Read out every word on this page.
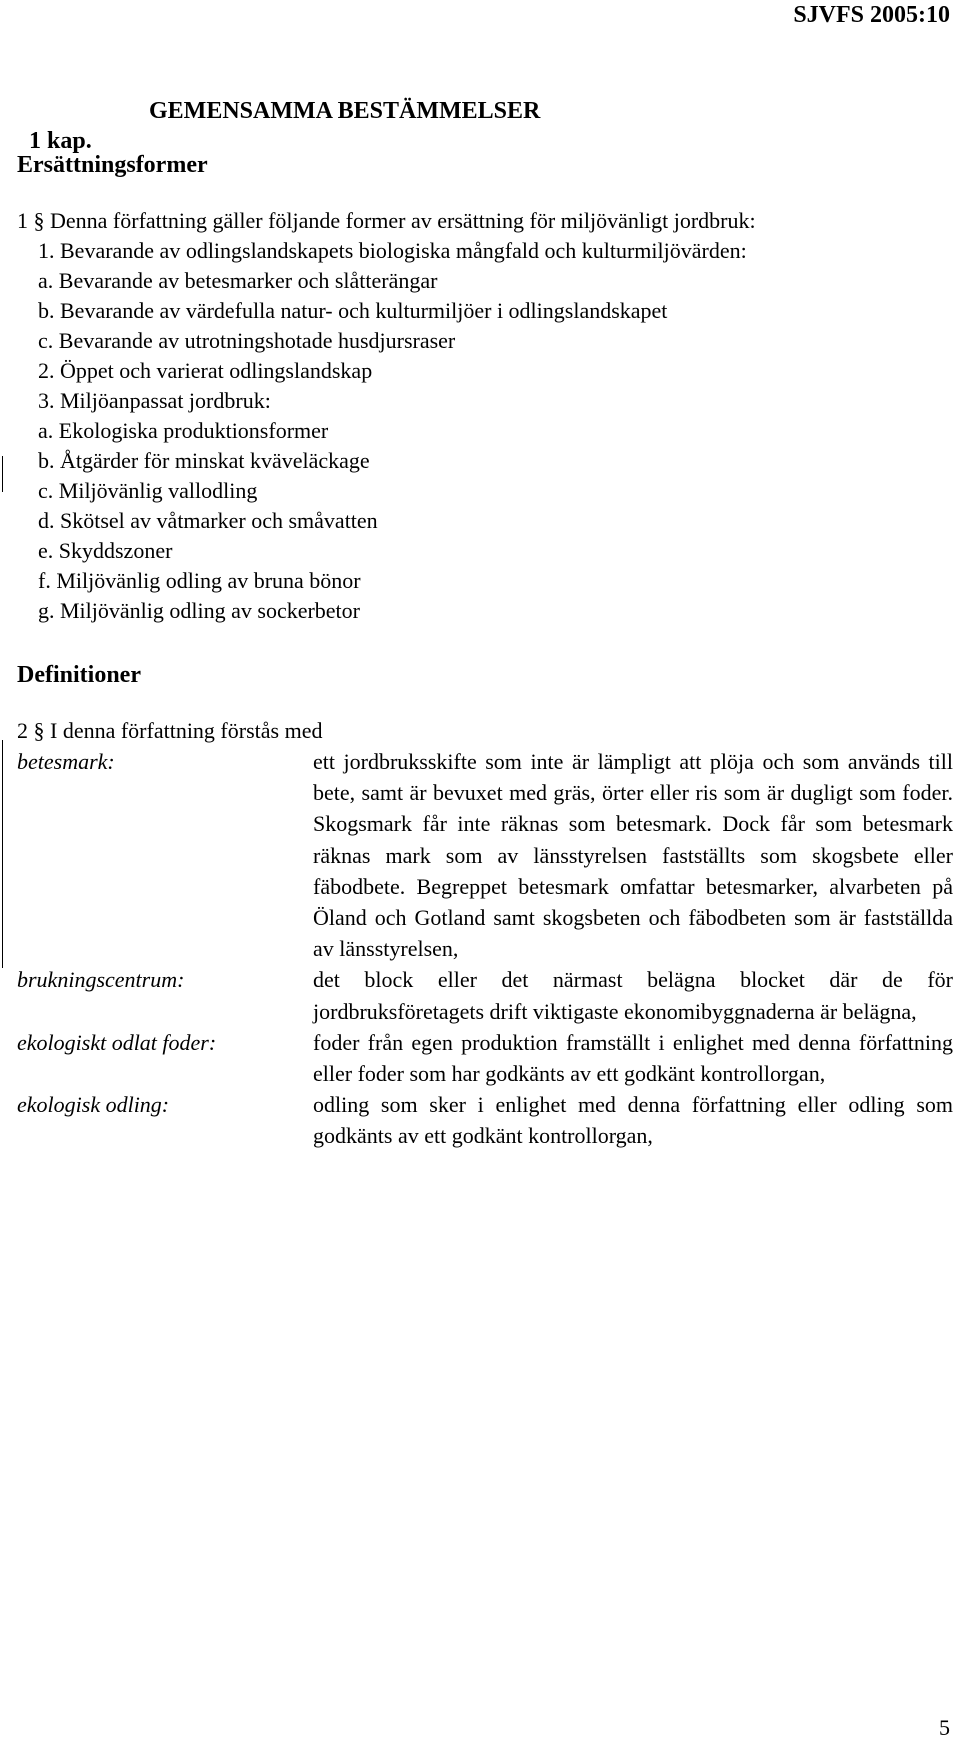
SJVFS 2005:10

1 kap.

GEMENSAMMA BESTÄMMELSER

Ersättningsformer
1 § Denna författning gäller följande former av ersättning för miljövänligt jordbruk:
1. Bevarande av odlingslandskapets biologiska mångfald och kulturmiljövärden:
a. Bevarande av betesmarker och slåtterängar
b. Bevarande av värdefulla natur- och kulturmiljöer i odlingslandskapet
c. Bevarande av utrotningshotade husdjursraser
2. Öppet och varierat odlingslandskap
3. Miljöanpassat jordbruk:
a. Ekologiska produktionsformer
b. Åtgärder för minskat kväveläckage
c. Miljövänlig vallodling
d. Skötsel av våtmarker och småvatten
e. Skyddszoner
f. Miljövänlig odling av bruna bönor
g. Miljövänlig odling av sockerbetor
Definitioner
2 § I denna författning förstås med
betesmark:	ett jordbruksskifte som inte är lämpligt att plöja och som används till bete, samt är bevuxet med gräs, örter eller ris som är dugligt som foder. Skogsmark får inte räknas som betesmark. Dock får som betesmark räknas mark som av länsstyrelsen fastställts som skogsbete eller fäbodbete. Begreppet betesmark omfattar betesmarker, alvarbeten på Öland och Gotland samt skogsbeten och fäbodbeten som är fastställda av länsstyrelsen,
brukningscentrum:	det block eller det närmast belägna blocket där de för jordbruksföretagets drift viktigaste ekonomibyggnaderna är belägna,
ekologiskt odlat foder:	foder från egen produktion framställt i enlighet med denna författning eller foder som har godkänts av ett godkänt kontrollorgan,
ekologisk odling:	odling som sker i enlighet med denna författning eller odling som godkänts av ett godkänt kontrollorgan,
5
